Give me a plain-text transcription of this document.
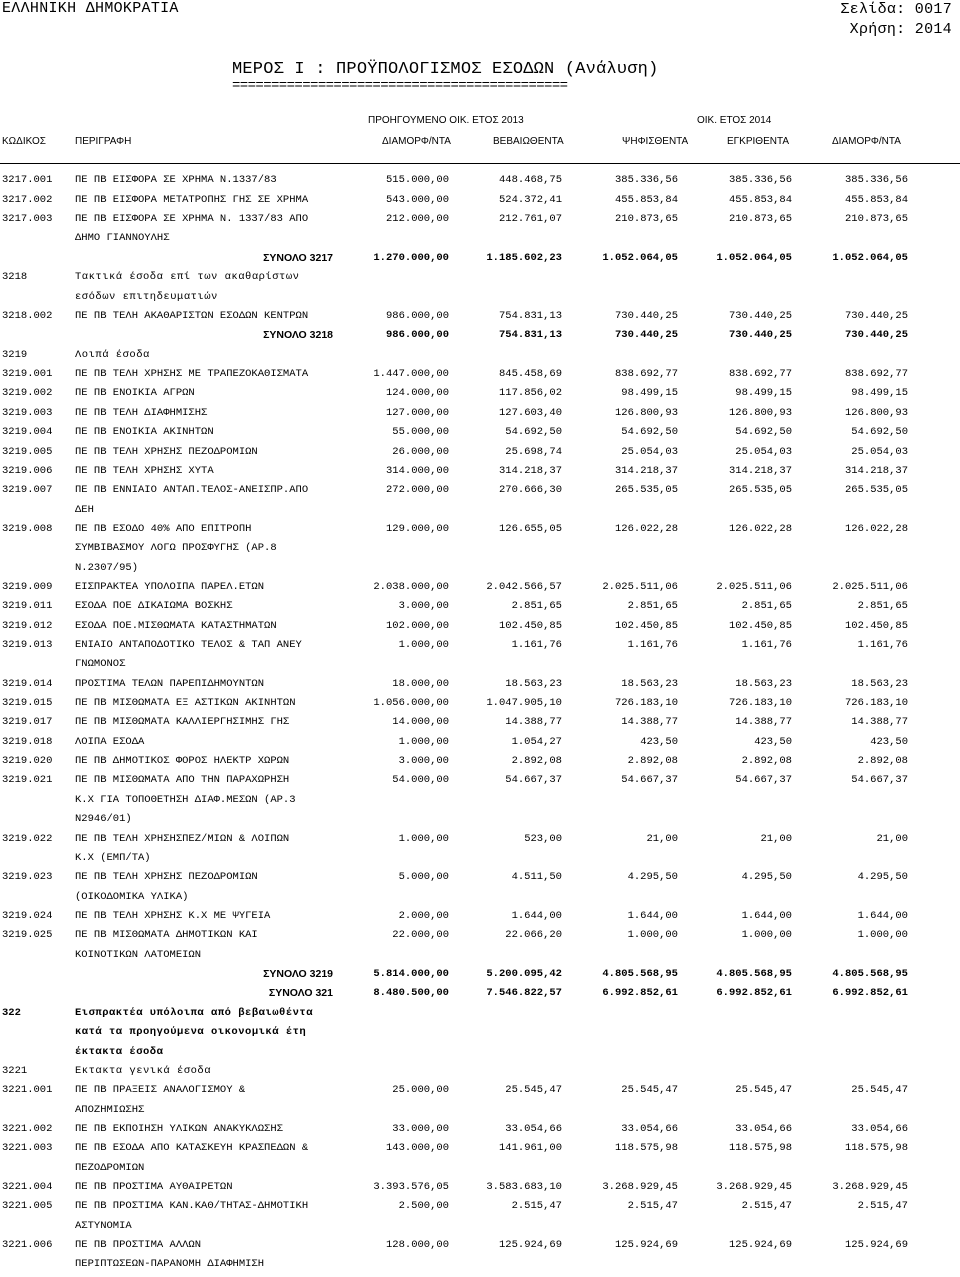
ΕΛΛΗΝΙΚΗ ΔΗΜΟΚΡΑΤΙΑ	Σελίδα: 0017
Χρήση: 2014
ΜΕΡΟΣ Ι : ΠΡΟΫΠΟΛΟΓΙΣΜΟΣ ΕΣΟΔΩΝ (Ανάλυση)
===========================================
ΠΡΟΗΓΟΥΜΕΝΟ ΟΙΚ. ΕΤΟΣ 2013	ΟΙΚ. ΕΤΟΣ 2014
ΚΩΔΙΚΟΣ	ΠΕΡΙΓΡΑΦΗ	ΔΙΑΜΟΡΦ/ΝΤΑ	ΒΕΒΑΙΩΘΕΝΤΑ	ΨΗΦΙΣΘΕΝΤΑ	ΕΓΚΡΙΘΕΝΤΑ	ΔΙΑΜΟΡΦ/ΝΤΑ
3217.001 ΠΕ ΠΒ ΕΙΣΦΟΡΑ ΣΕ ΧΡΗΜΑ Ν.1337/83	515.000,00	448.468,75	385.336,56	385.336,56	385.336,56
3217.002 ΠΕ ΠΒ ΕΙΣΦΟΡΑ ΜΕΤΑΤΡΟΠΗΣ ΓΗΣ ΣΕ ΧΡΗΜΑ	543.000,00	524.372,41	455.853,84	455.853,84	455.853,84
3217.003 ΠΕ ΠΒ ΕΙΣΦΟΡΑ ΣΕ ΧΡΗΜΑ Ν. 1337/83 ΑΠΟ	212.000,00	212.761,07	210.873,65	210.873,65	210.873,65
ΔΗΜΟ ΓΙΑΝΝΟΥΛΗΣ
ΣΥΝΟΛΟ 3217	1.270.000,00	1.185.602,23	1.052.064,05	1.052.064,05	1.052.064,05
3218	Τακτικά έσοδα επί των ακαθαρίστων
εσόδων επιτηδευματιών
3218.002 ΠΕ ΠΒ ΤΕΛΗ ΑΚΑΘΑΡΙΣΤΩΝ ΕΣΟΔΩΝ ΚΕΝΤΡΩΝ	986.000,00	754.831,13	730.440,25	730.440,25	730.440,25
ΣΥΝΟΛΟ 3218	986.000,00	754.831,13	730.440,25	730.440,25	730.440,25
3219	Λοιπά έσοδα
3219.001 ΠΕ ΠΒ ΤΕΛΗ ΧΡΗΣΗΣ ΜΕ ΤΡΑΠΕΖΟΚΑΘΙΣΜΑΤΑ	1.447.000,00	845.458,69	838.692,77	838.692,77	838.692,77
3219.002 ΠΕ ΠΒ ΕΝΟΙΚΙΑ ΑΓΡΩΝ	124.000,00	117.856,02	98.499,15	98.499,15	98.499,15
3219.003 ΠΕ ΠΒ ΤΕΛΗ ΔΙΑΦΗΜΙΣΗΣ	127.000,00	127.603,40	126.800,93	126.800,93	126.800,93
3219.004 ΠΕ ΠΒ ΕΝΟΙΚΙΑ ΑΚΙΝΗΤΩΝ	55.000,00	54.692,50	54.692,50	54.692,50	54.692,50
3219.005 ΠΕ ΠΒ ΤΕΛΗ ΧΡΗΣΗΣ ΠΕΖΟΔΡΟΜΙΩΝ	26.000,00	25.698,74	25.054,03	25.054,03	25.054,03
3219.006 ΠΕ ΠΒ ΤΕΛΗ ΧΡΗΣΗΣ ΧΥΤΑ	314.000,00	314.218,37	314.218,37	314.218,37	314.218,37
3219.007 ΠΕ ΠΒ ΕΝΝΙΑΙΟ ΑΝΤΑΠ.ΤΕΛΟΣ-ΑΝΕΙΣΠΡ.ΑΠΟ	272.000,00	270.666,30	265.535,05	265.535,05	265.535,05
ΔΕΗ
3219.008 ΠΕ ΠΒ ΕΣΟΔΟ 40% ΑΠΟ ΕΠΙΤΡΟΠΗ	129.000,00	126.655,05	126.022,28	126.022,28	126.022,28
ΣΥΜΒΙΒΑΣΜΟΥ ΛΟΓΩ ΠΡΟΣΦΥΓΗΣ (ΑΡ.8
Ν.2307/95)
3219.009 ΕΙΣΠΡΑΚΤΕΑ ΥΠΟΛΟΙΠΑ ΠΑΡΕΛ.ΕΤΩΝ	2.038.000,00	2.042.566,57	2.025.511,06	2.025.511,06	2.025.511,06
3219.011 ΕΣΟΔΑ ΠΟΕ ΔΙΚΑΙΩΜΑ ΒΟΣΚΗΣ	3.000,00	2.851,65	2.851,65	2.851,65	2.851,65
3219.012 ΕΣΟΔΑ ΠΟΕ.ΜΙΣΘΩΜΑΤΑ ΚΑΤΑΣΤΗΜΑΤΩΝ	102.000,00	102.450,85	102.450,85	102.450,85	102.450,85
3219.013 ΕΝΙΑΙΟ ΑΝΤΑΠΟΔΟΤΙΚΟ ΤΕΛΟΣ & ΤΑΠ ΑΝΕΥ	1.000,00	1.161,76	1.161,76	1.161,76	1.161,76
ΓΝΩΜΟΝΟΣ
3219.014 ΠΡΟΣΤΙΜΑ ΤΕΛΩΝ ΠΑΡΕΠΙΔΗΜΟΥΝΤΩΝ	18.000,00	18.563,23	18.563,23	18.563,23	18.563,23
3219.015 ΠΕ ΠΒ ΜΙΣΘΩΜΑΤΑ ΕΞ ΑΣΤΙΚΩΝ ΑΚΙΝΗΤΩΝ	1.056.000,00	1.047.905,10	726.183,10	726.183,10	726.183,10
3219.017 ΠΕ ΠΒ ΜΙΣΘΩΜΑΤΑ ΚΑΛΛΙΕΡΓΗΣΙΜΗΣ ΓΗΣ	14.000,00	14.388,77	14.388,77	14.388,77	14.388,77
3219.018 ΛΟΙΠΑ ΕΣΟΔΑ	1.000,00	1.054,27	423,50	423,50	423,50
3219.020 ΠΕ ΠΒ ΔΗΜΟΤΙΚΟΣ ΦΟΡΟΣ ΗΛΕΚΤΡ ΧΩΡΩΝ	3.000,00	2.892,08	2.892,08	2.892,08	2.892,08
3219.021 ΠΕ ΠΒ ΜΙΣΘΩΜΑΤΑ ΑΠΟ ΤΗΝ ΠΑΡΑΧΩΡΗΣΗ	54.000,00	54.667,37	54.667,37	54.667,37	54.667,37
Κ.Χ ΓΙΑ ΤΟΠΟΘΕΤΗΣΗ ΔΙΑΦ.ΜΕΣΩΝ (ΑΡ.3
Ν2946/01)
3219.022 ΠΕ ΠΒ ΤΕΛΗ ΧΡΗΣΗΣΠΕΖ/ΜΙΩΝ & ΛΟΙΠΩΝ	1.000,00	523,00	21,00	21,00	21,00
Κ.Χ (ΕΜΠ/ΤΑ)
3219.023 ΠΕ ΠΒ ΤΕΛΗ ΧΡΗΣΗΣ ΠΕΖΟΔΡΟΜΙΩΝ	5.000,00	4.511,50	4.295,50	4.295,50	4.295,50
(ΟΙΚΟΔΟΜΙΚΑ ΥΛΙΚΑ)
3219.024 ΠΕ ΠΒ ΤΕΛΗ ΧΡΗΣΗΣ Κ.Χ ΜΕ ΨΥΓΕΙΑ	2.000,00	1.644,00	1.644,00	1.644,00	1.644,00
3219.025 ΠΕ ΠΒ ΜΙΣΘΩΜΑΤΑ ΔΗΜΟΤΙΚΩΝ ΚΑΙ	22.000,00	22.066,20	1.000,00	1.000,00	1.000,00
ΚΟΙΝΟΤΙΚΩΝ ΛΑΤΟΜΕΙΩΝ
ΣΥΝΟΛΟ 3219	5.814.000,00	5.200.095,42	4.805.568,95	4.805.568,95	4.805.568,95
ΣΥΝΟΛΟ 321	8.480.500,00	7.546.822,57	6.992.852,61	6.992.852,61	6.992.852,61
322	Εισπρακτέα υπόλοιπα από βεβαιωθέντα
κατά τα προηγούμενα οικονομικά έτη
έκτακτα έσοδα
3221	Εκτακτα γενικά έσοδα
3221.001 ΠΕ ΠΒ ΠΡΑΞΕΙΣ ΑΝΑΛΟΓΙΣΜΟΥ &	25.000,00	25.545,47	25.545,47	25.545,47	25.545,47
ΑΠΟΖΗΜΙΩΣΗΣ
3221.002 ΠΕ ΠΒ ΕΚΠΟΙΗΣΗ ΥΛΙΚΩΝ ΑΝΑΚΥΚΛΩΣΗΣ	33.000,00	33.054,66	33.054,66	33.054,66	33.054,66
3221.003 ΠΕ ΠΒ ΕΣΟΔΑ ΑΠΟ ΚΑΤΑΣΚΕΥΗ ΚΡΑΣΠΕΔΩΝ &	143.000,00	141.961,00	118.575,98	118.575,98	118.575,98
ΠΕΖΟΔΡΟΜΙΩΝ
3221.004 ΠΕ ΠΒ ΠΡΟΣΤΙΜΑ ΑΥΘΑΙΡΕΤΩΝ	3.393.576,05	3.583.683,10	3.268.929,45	3.268.929,45	3.268.929,45
3221.005 ΠΕ ΠΒ ΠΡΟΣΤΙΜΑ ΚΑΝ.ΚΑΘ/ΤΗΤΑΣ-ΔΗΜΟΤΙΚΗ	2.500,00	2.515,47	2.515,47	2.515,47	2.515,47
ΑΣΤΥΝΟΜΙΑ
3221.006 ΠΕ ΠΒ ΠΡΟΣΤΙΜΑ ΑΛΛΩΝ	128.000,00	125.924,69	125.924,69	125.924,69	125.924,69
ΠΕΡΙΠΤΩΣΕΩΝ-ΠΑΡΑΝΟΜΗ ΔΙΑΦΗΜΙΣΗ
